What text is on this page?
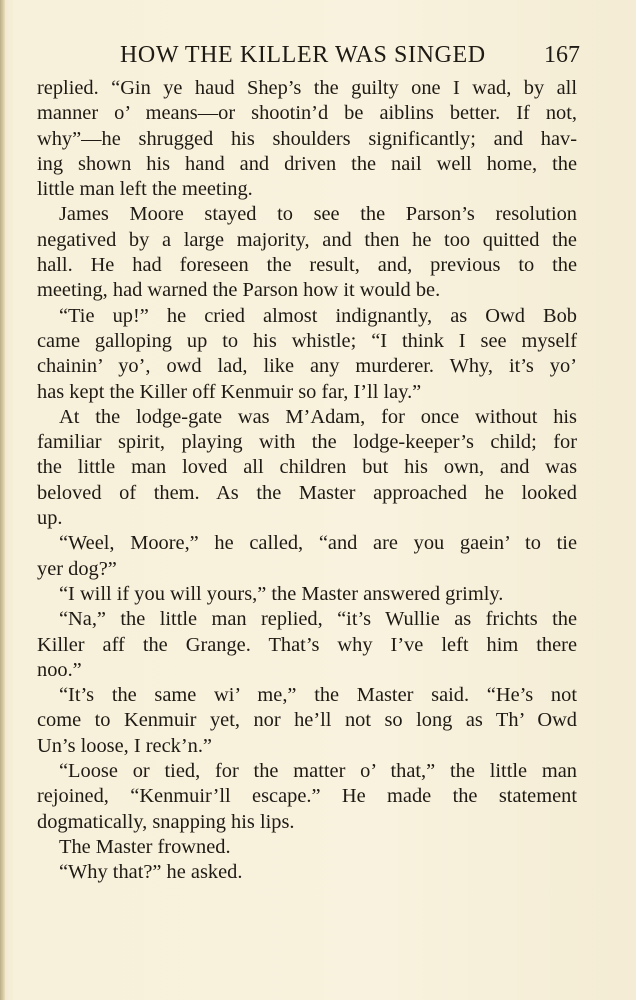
HOW THE KILLER WAS SINGED 167
replied. “Gin ye haud Shep’s the guilty one I wad, by all
manner o’ means—or shootin’d be aiblins better. If not,
why”—he shrugged his shoulders significantly; and hav-
ing shown his hand and driven the nail well home, the
little man left the meeting.
James Moore stayed to see the Parson’s resolution
negatived by a large majority, and then he too quitted the
hall. He had foreseen the result, and, previous to the
meeting, had warned the Parson how it would be.
“Tie up!” he cried almost indignantly, as Owd Bob
came galloping up to his whistle; “I think I see myself
chainin’ yo’, owd lad, like any murderer. Why, it’s yo’
has kept the Killer off Kenmuir so far, I’ll lay.”
At the lodge-gate was M’Adam, for once without his
familiar spirit, playing with the lodge-keeper’s child; for
the little man loved all children but his own, and was
beloved of them. As the Master approached he looked
up.
“Weel, Moore,” he called, “and are you gaein’ to tie
yer dog?”
“I will if you will yours,” the Master answered grimly.
“Na,” the little man replied, “it’s Wullie as frichts the
Killer aff the Grange. That’s why I’ve left him there
noo.”
“It’s the same wi’ me,” the Master said. “He’s not
come to Kenmuir yet, nor he’ll not so long as Th’ Owd
Un’s loose, I reck’n.”
“Loose or tied, for the matter o’ that,” the little man
rejoined, “Kenmuir’ll escape.” He made the statement
dogmatically, snapping his lips.
The Master frowned.
“Why that?” he asked.
